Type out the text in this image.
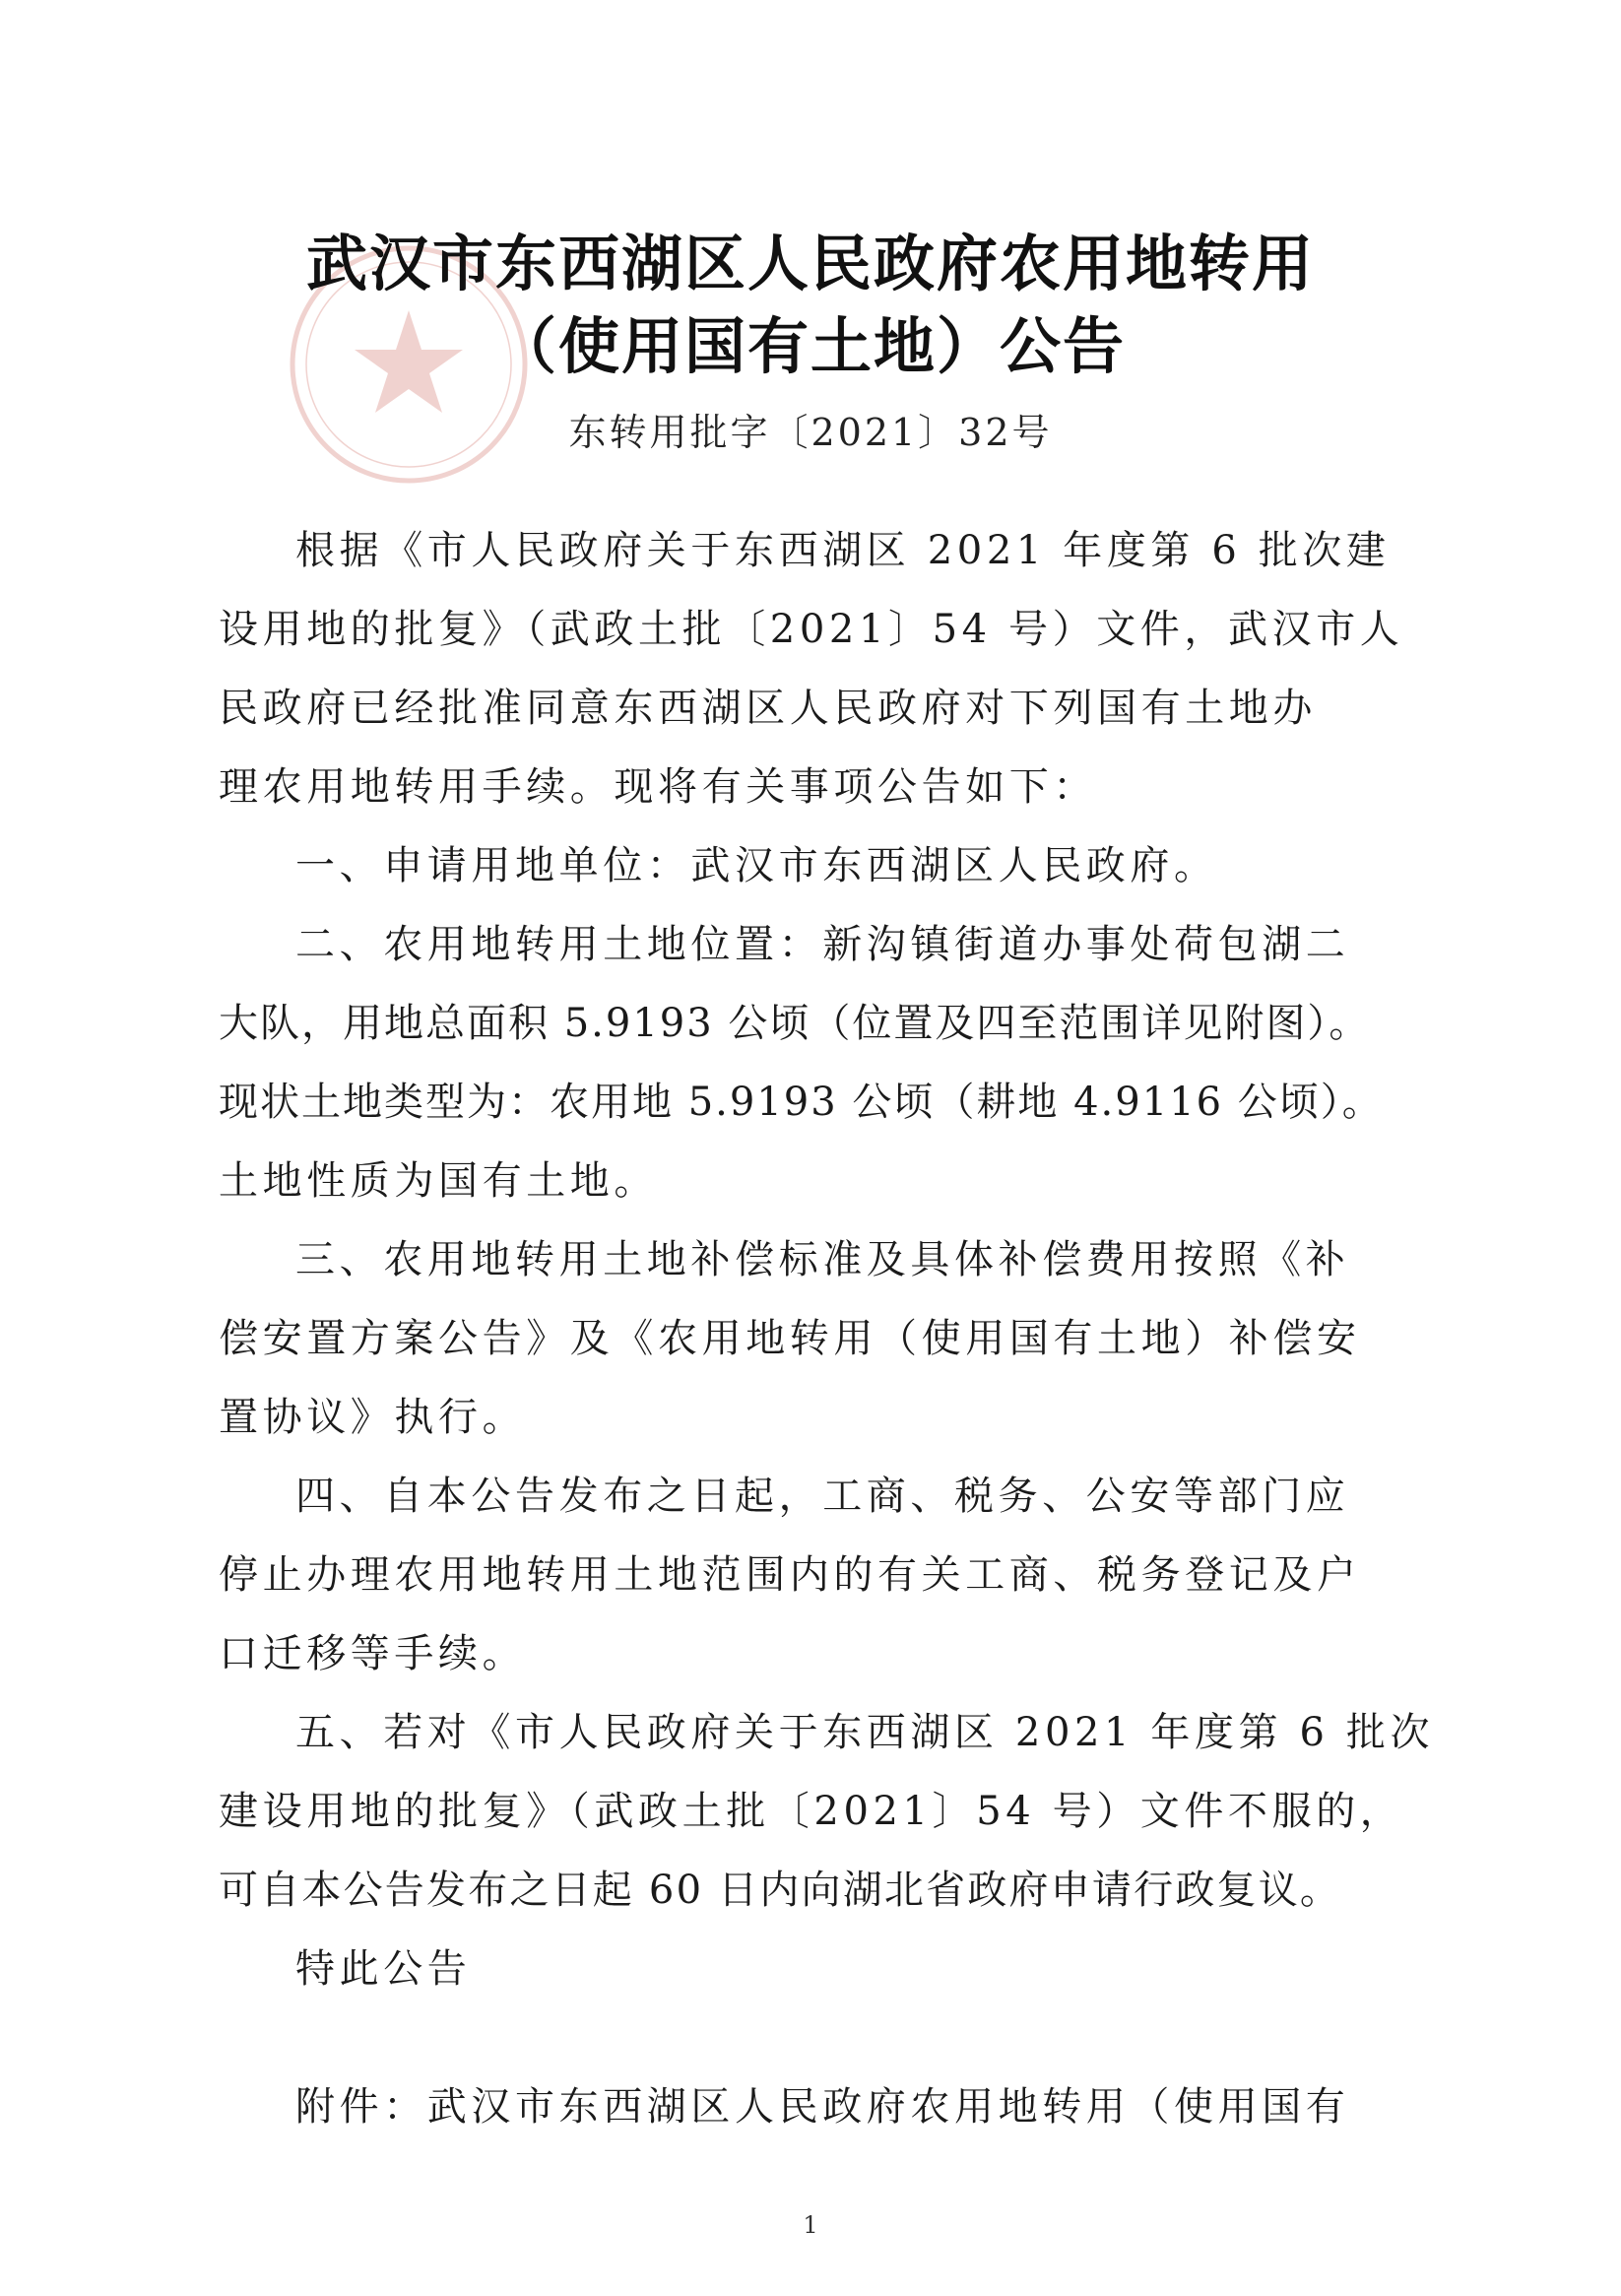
武汉市东西湖区人民政府农用地转用
（使用国有土地）公告
东转用批字〔2021〕32号
根据《市人民政府关于东西湖区 2021 年度第 6 批次建
设用地的批复》（武政土批〔2021〕54 号）文件，武汉市人
民政府已经批准同意东西湖区人民政府对下列国有土地办
理农用地转用手续。现将有关事项公告如下：
一、申请用地单位：武汉市东西湖区人民政府。
二、农用地转用土地位置：新沟镇街道办事处荷包湖二
大队，用地总面积 5.9193 公顷（位置及四至范围详见附图）。
现状土地类型为：农用地 5.9193 公顷（耕地 4.9116 公顷）。
土地性质为国有土地。
三、农用地转用土地补偿标准及具体补偿费用按照《补
偿安置方案公告》及《农用地转用（使用国有土地）补偿安
置协议》执行。
四、自本公告发布之日起，工商、税务、公安等部门应
停止办理农用地转用土地范围内的有关工商、税务登记及户
口迁移等手续。
五、若对《市人民政府关于东西湖区 2021 年度第 6 批次
建设用地的批复》（武政土批〔2021〕54 号）文件不服的，
可自本公告发布之日起 60 日内向湖北省政府申请行政复议。
特此公告
附件：武汉市东西湖区人民政府农用地转用（使用国有
1
